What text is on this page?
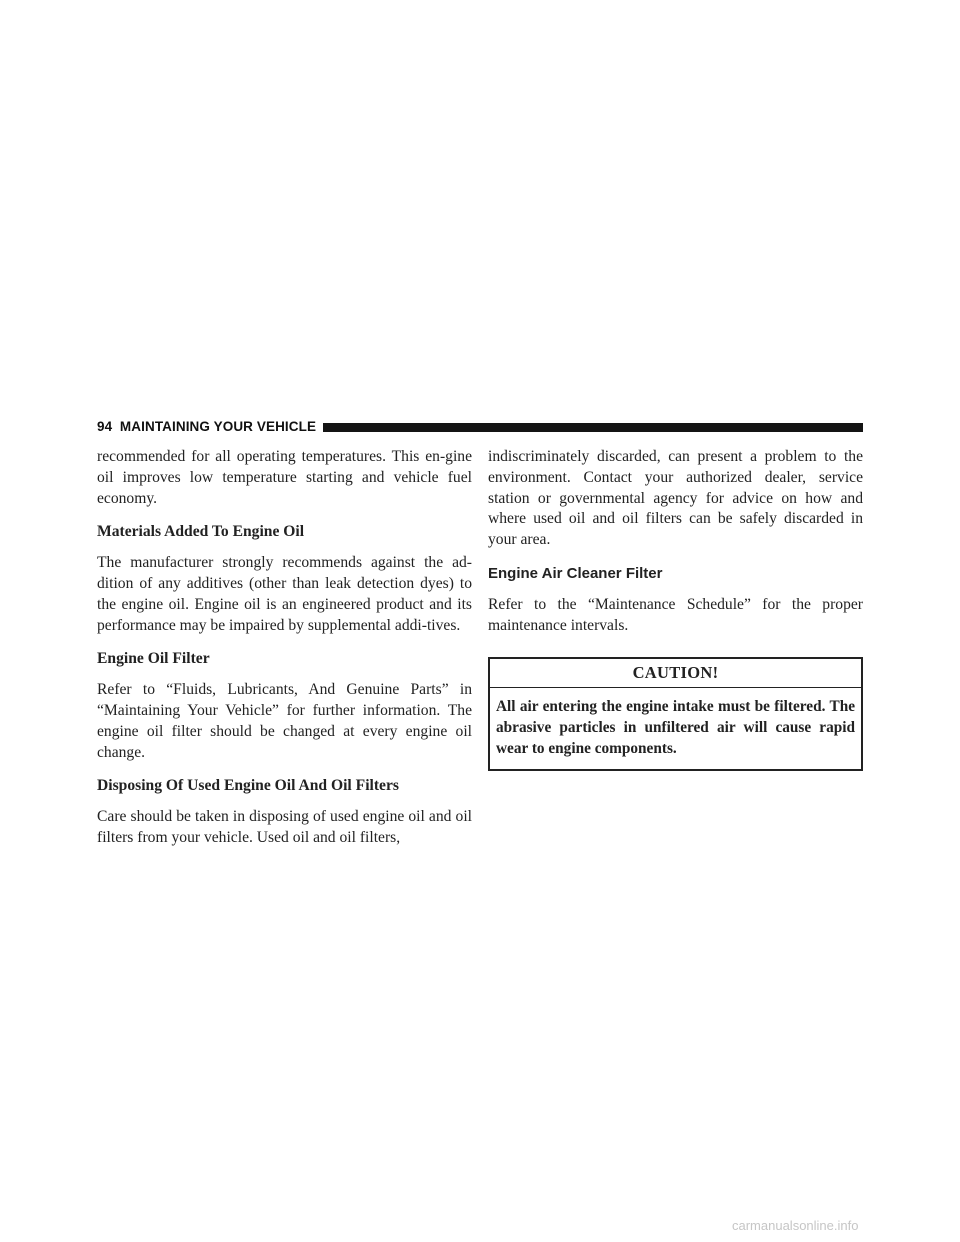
94 MAINTAINING YOUR VEHICLE

recommended for all operating temperatures. This en-gine oil improves low temperature starting and vehicle fuel economy.

Materials Added To Engine Oil

The manufacturer strongly recommends against the ad-dition of any additives (other than leak detection dyes) to the engine oil. Engine oil is an engineered product and its performance may be impaired by supplemental addi-tives.

Engine Oil Filter

Refer to “Fluids, Lubricants, And Genuine Parts” in “Maintaining Your Vehicle” for further information. The engine oil filter should be changed at every engine oil change.

Disposing Of Used Engine Oil And Oil Filters

Care should be taken in disposing of used engine oil and oil filters from your vehicle. Used oil and oil filters,

indiscriminately discarded, can present a problem to the environment. Contact your authorized dealer, service station or governmental agency for advice on how and where used oil and oil filters can be safely discarded in your area.

Engine Air Cleaner Filter

Refer to the “Maintenance Schedule” for the proper maintenance intervals.

CAUTION!
All air entering the engine intake must be filtered. The abrasive particles in unfiltered air will cause rapid wear to engine components.
carmanualsonline.info
